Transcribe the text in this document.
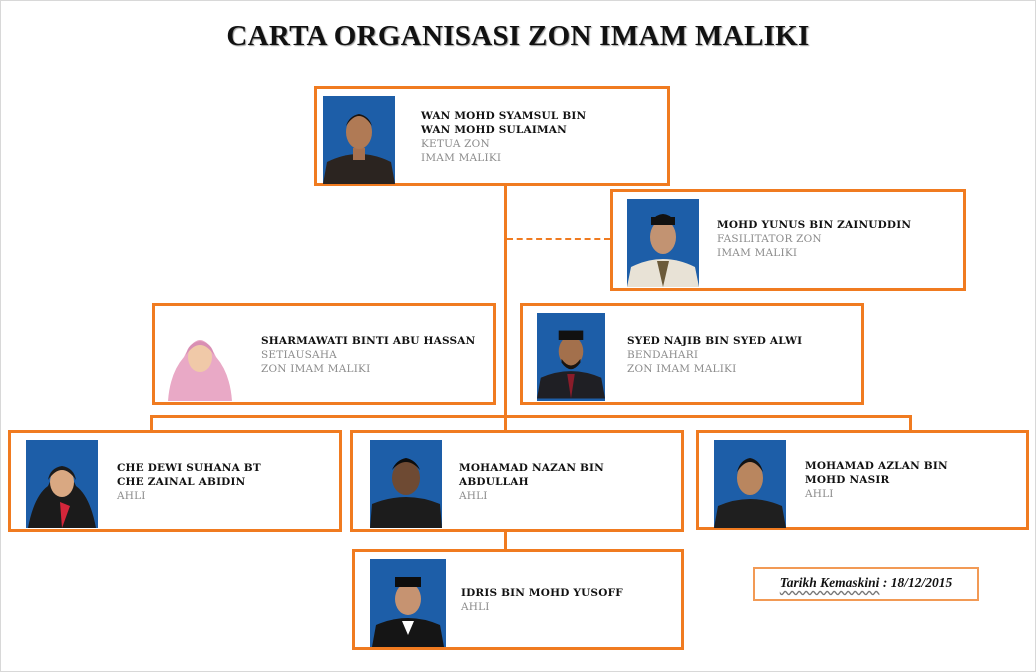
CARTA ORGANISASI ZON IMAM MALIKI
WAN MOHD SYAMSUL BIN
WAN MOHD SULAIMAN
KETUA ZON
IMAM MALIKI
MOHD YUNUS BIN ZAINUDDIN
FASILITATOR ZON
IMAM MALIKI
SHARMAWATI BINTI ABU HASSAN
SETIAUSAHA
ZON IMAM MALIKI
SYED NAJIB BIN SYED ALWI
BENDAHARI
ZON IMAM MALIKI
CHE DEWI SUHANA BT
CHE ZAINAL ABIDIN
AHLI
MOHAMAD NAZAN BIN
ABDULLAH
AHLI
MOHAMAD AZLAN BIN
MOHD NASIR
AHLI
IDRIS BIN MOHD YUSOFF
AHLI
Tarikh Kemaskini : 18/12/2015
